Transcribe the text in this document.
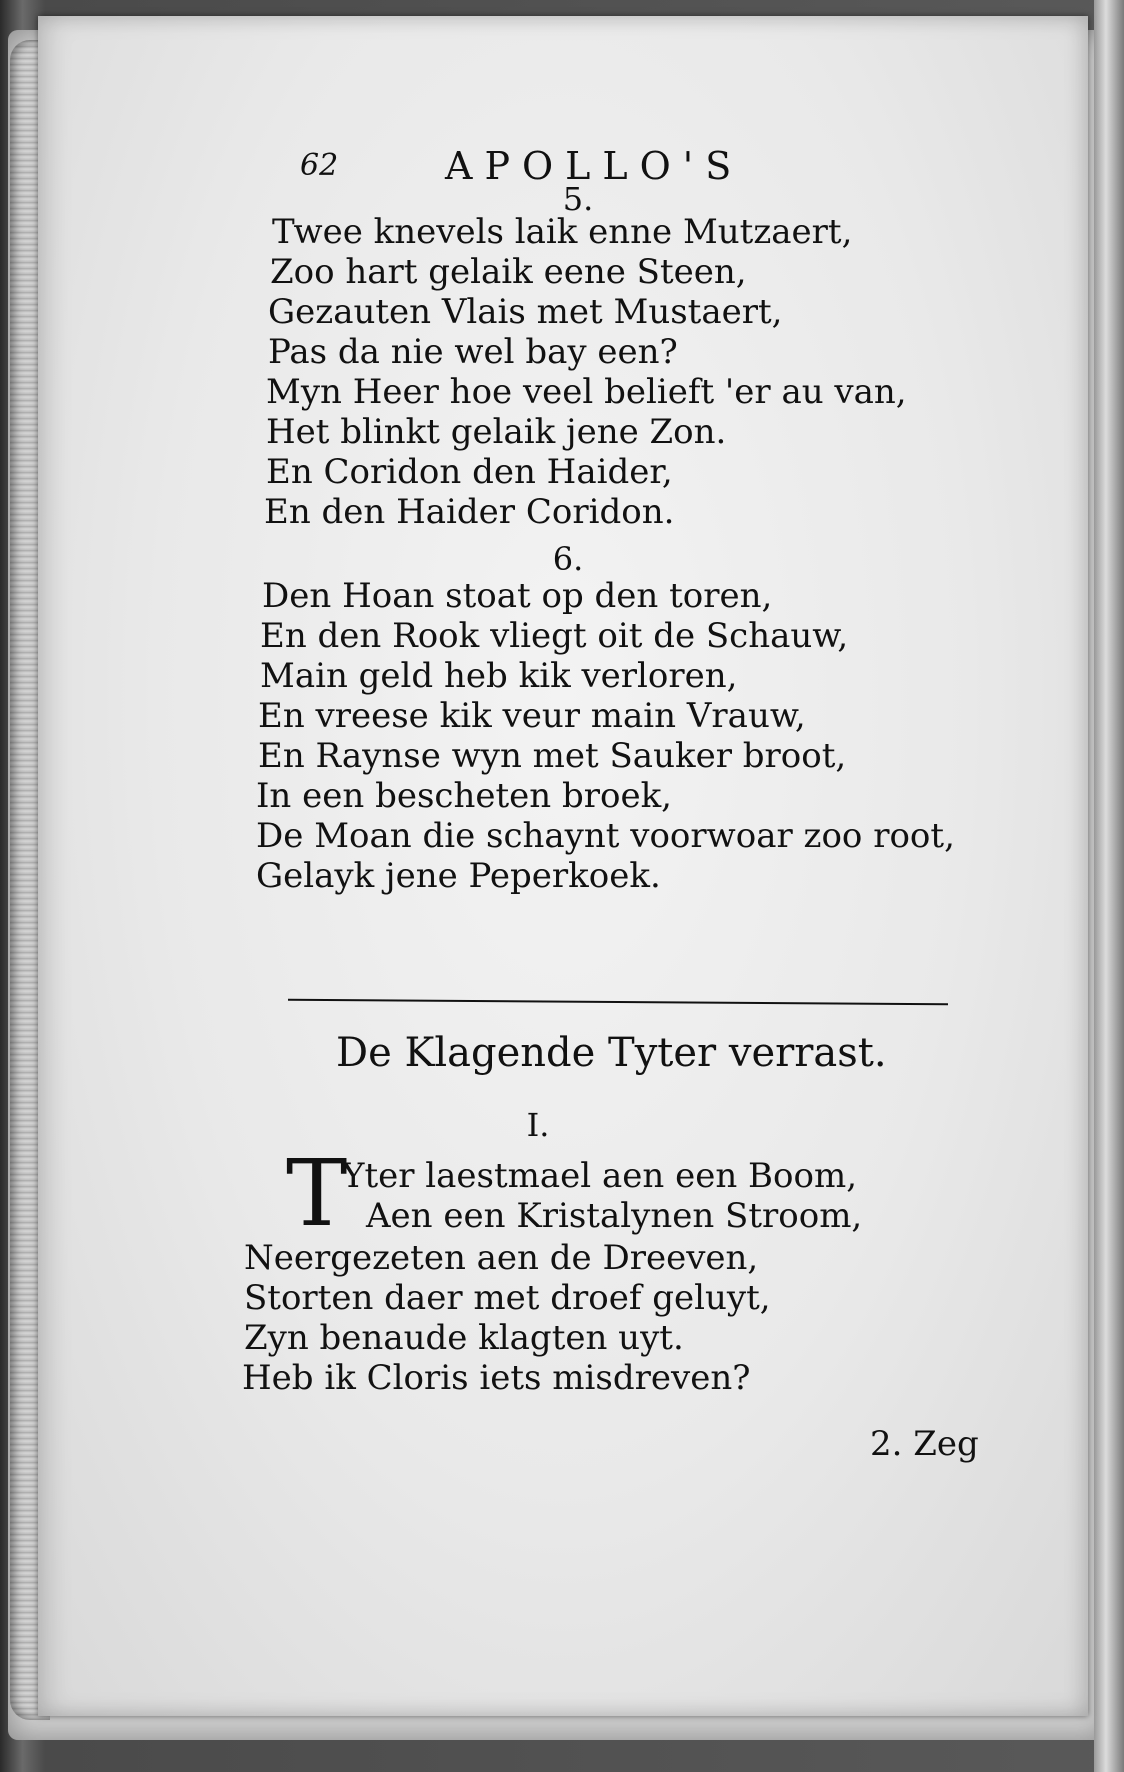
62	APOLLO'S
5.
Twee knevels laik enne Mutzaert,
Zoo hart gelaik eene Steen,
Gezauten Vlais met Mustaert,
Pas da nie wel bay een?
Myn Heer hoe veel belieft 'er au van,
Het blinkt gelaik jene Zon.
En Coridon den Haider,
En den Haider Coridon.
6.
Den Hoan stoat op den toren,
En den Rook vliegt oit de Schauw,
Main geld heb kik verloren,
En vreese kik veur main Vrauw,
En Raynse wyn met Sauker broot,
In een bescheten broek,
De Moan die schaynt voorwoar zoo root,
Gelayk jene Peperkoek.
De Klagende Tyter verrast.
I.
T
Yter laestmael aen een Boom,
Aen een Kristalynen Stroom,
Neergezeten aen de Dreeven,
Storten daer met droef geluyt,
Zyn benaude klagten uyt.
Heb ik Cloris iets misdreven?
2. Zeg
